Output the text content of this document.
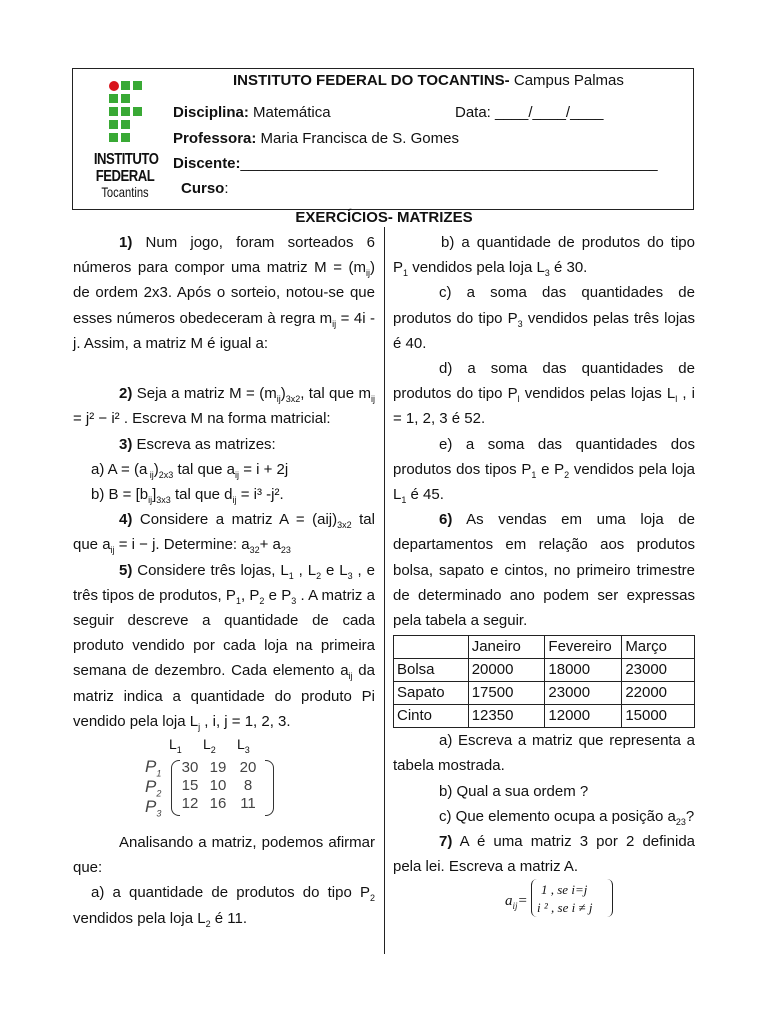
INSTITUTO
FEDERAL
Tocantins
INSTITUTO FEDERAL DO TOCANTINS- Campus Palmas
Disciplina: Matemática	Data: ____/____/____
Professora: Maria Francisca de S. Gomes
Discente:__________________________________________________
Curso:
EXERCÍCIOS- MATRIZES

1) Num jogo, foram sorteados 6 números para compor uma matriz $M = (m_{ij})$ de ordem 2x3. Após o sorteio, notou-se que esses números obedeceram à regra $m_{ij} = 4i$ -j. Assim, a matriz M é igual a:

2) Seja a matriz $M = (m_{ij})_{3x2}$, tal que $m_{ij} = j^2 - i^2$ . Escreva M na forma matricial:

3) Escreva as matrizes:

a) A = (a $_{ij})_{2x3}$ tal que $a_{ij} = i + 2j$

b) $B = [b_{ij}]_{3x3}$ tal que $d_{ij} = i^3$ -j².

4) Considere a matriz $A = (aij)_{3x2}$ tal que $a_{ij} = i - j$. Determine: $a_{32}+ a_{23}$

5) Considere três lojas, $L_1$ , $L_2$ e $L_3$ , e três tipos de produtos, $P_1$, $P_2$ e $P_3$ . A matriz a seguir descreve a quantidade de cada produto vendido por cada loja na primeira semana de dezembro. Cada elemento $a_{ij}$ da matriz indica a quantidade do produto Pi vendido pela loja $L_j$ , i, j = 1, 2, 3.

$L_1$ $L_2$ $L_3$
$P_1$
$P_2$
$P_3$
30 19 20
15 10	8
12 16 11

Analisando a matriz, podemos afirmar que:

a) a quantidade de produtos do tipo $P_2$ vendidos pela loja $L_2$ é 11.

b) a quantidade de produtos do tipo $P_1$ vendidos pela loja $L_3$ é 30.

c) a soma das quantidades de produtos do tipo $P_3$ vendidos pelas três lojas é 40.

d) a soma das quantidades de produtos do tipo $P_l$ vendidos pelas lojas $L_l$ , i = 1, 2, 3 é 52.

e) a soma das quantidades dos produtos dos tipos $P_1$ e $P_2$ vendidos pela loja $L_1$ é 45.

6) As vendas em uma loja de departamentos em relação aos produtos bolsa, sapato e cintos, no primeiro trimestre de determinado ano podem ser expressas pela tabela a seguir.

	Janeiro	Fevereiro	Março
Bolsa	20000	18000	23000
Sapato	17500	23000	22000
Cinto	12350	12000	15000

a) Escreva a matriz que representa a tabela mostrada.

b) Qual a sua ordem ?

c) Que elemento ocupa a posição $a_{23}$?

7) A é uma matriz 3 por 2 definida pela lei. Escreva a matriz A.

$a_{ij}=$
1 , se i=j
i ² , se i ≠ j
